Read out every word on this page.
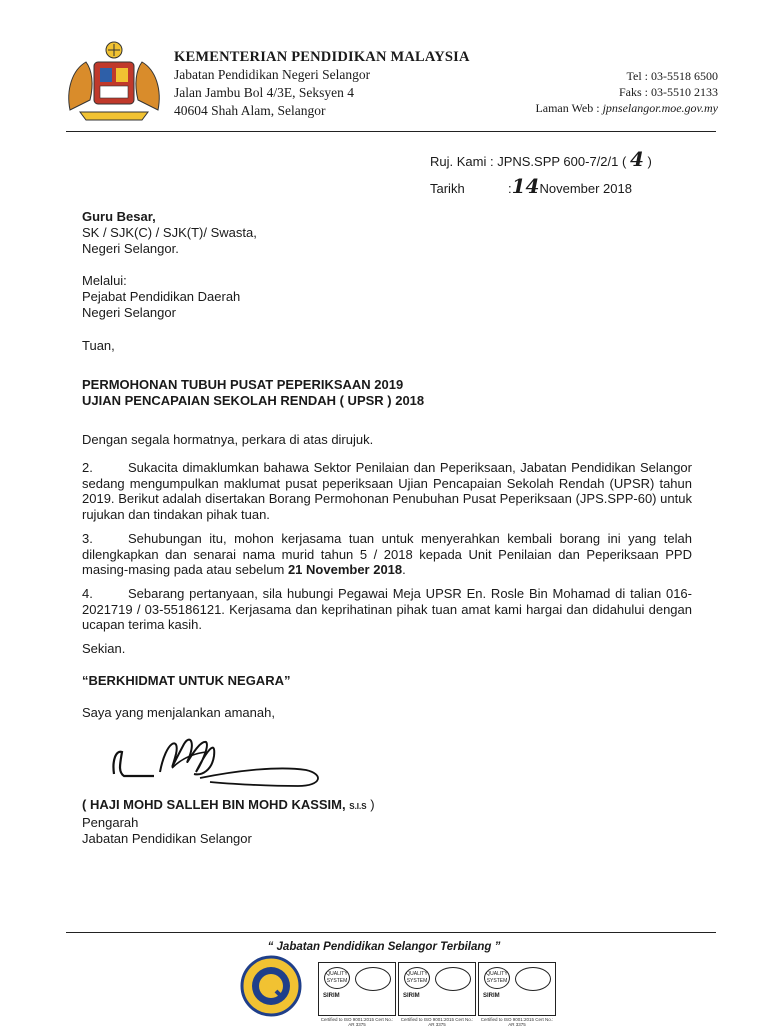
KEMENTERIAN PENDIDIKAN MALAYSIA
Jabatan Pendidikan Negeri Selangor
Jalan Jambu Bol 4/3E, Seksyen 4
40604 Shah Alam, Selangor
Tel : 03-5518 6500
Faks : 03-5510 2133
Laman Web : jpnselangor.moe.gov.my
Ruj. Kami : JPNS.SPP 600-7/2/1 ( 4 )
Tarikh	:14November 2018
Guru Besar,
SK / SJK(C) / SJK(T)/ Swasta,
Negeri Selangor.
Melalui:
Pejabat Pendidikan Daerah
Negeri Selangor
Tuan,
PERMOHONAN TUBUH PUSAT PEPERIKSAAN 2019
UJIAN PENCAPAIAN SEKOLAH RENDAH ( UPSR ) 2018
Dengan segala hormatnya, perkara di atas dirujuk.
2.	Sukacita dimaklumkan bahawa Sektor Penilaian dan Peperiksaan, Jabatan Pendidikan Selangor sedang mengumpulkan maklumat pusat peperiksaan Ujian Pencapaian Sekolah Rendah (UPSR) tahun 2019. Berikut adalah disertakan Borang Permohonan Penubuhan Pusat Peperiksaan (JPS.SPP-60) untuk rujukan dan tindakan pihak tuan.
3.	Sehubungan itu, mohon kerjasama tuan untuk menyerahkan kembali borang ini yang telah dilengkapkan dan senarai nama murid tahun 5 / 2018 kepada Unit Penilaian dan Peperiksaan PPD masing-masing pada atau sebelum 21 November 2018.
4.	Sebarang pertanyaan, sila hubungi Pegawai Meja UPSR En. Rosle Bin Mohamad di talian 016-2021719 / 03-55186121. Kerjasama dan keprihatinan pihak tuan amat kami hargai dan didahului dengan ucapan terima kasih.
Sekian.
“BERKHIDMAT UNTUK NEGARA”
Saya yang menjalankan amanah,
( HAJI MOHD SALLEH BIN MOHD KASSIM, S.I.S )
Pengarah
Jabatan Pendidikan Selangor
“ Jabatan Pendidikan Selangor Terbilang ”
QUALITY SYSTEM
SIRIM
Certified to ISO 9001:2015 Cert No.: AR 3375
QUALITY SYSTEM
SIRIM
Certified to ISO 9001:2015 Cert No.: AR 3375
QUALITY SYSTEM
SIRIM
Certified to ISO 9001:2015 Cert No.: AR 3375
